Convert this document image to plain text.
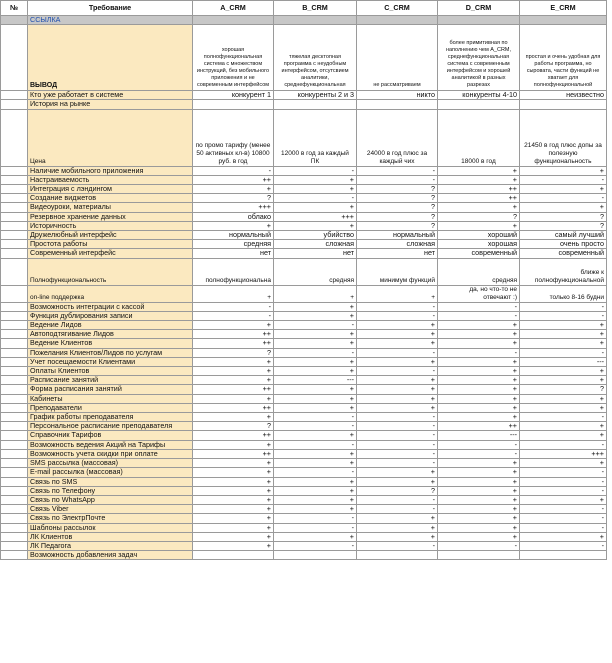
№	Требование	A_CRM	B_CRM	C_CRM	D_CRM	E_CRM
	ССЫЛКА					
	ВЫВОД	хорошая полнофункциональная система с множеством инструкций, без мобильного приложения и не современным интерфейсом	тяжелая десктопная программа с неудобным интерфейсом, отсутсвием аналитики, среднефункциональная	не рассматриваем	более примитивная по наполнению чем A_CRM, среднефункциональная система с современным интерфейсом и хорошей аналитикой в разных разрезах	простая и очень удобная для работы программа, но сыровата, части функций не хватает для полнофункциональной
	Кто уже работает в системе	конкурент 1	конкуренты 2 и 3	никто	конкуренты 4-10	неизвестно
	История на рынке					
	Цена	по промо тарифу (менее 50 активных кл-в) 10800 руб. в год	12000 в год за каждый ПК	24000 в год плюс за каждый чих	18000 в год	21450 в год плюс допы за полезную функциональность
	Наличие мобильного приложения	-	-	-	+	+
	Настраиваемость	++	+	-	+	-
	Интеграция с лэндингом	+	+	?	++	+
	Создание виджетов	?	-	?	++	-
	Видеоуроки, материалы	+++	+	?	+	+
	Резервное хранение данных	облако	+++	?	?	?
	Историчность	+	+	?	+	?
	Дружелюбный интерфейс	нормальный	убийство	нормальный	хороший	самый лучший
	Простота работы	средняя	сложная	сложная	хорошая	очень просто
	Современный интерфейс	нет	нет	нет	современный	современный
	Полнофункциональность	полнофункциональна	средняя	минимум функций	средняя	ближе к полнофункциональной
	on-line поддержка	+	+	+	да, но что-то не отвечают :)	только 8-16 будни
	Возможность интеграции с кассой	-	+	-	-	-
	Функция дублирования записи	-	+	-	-	-
	Ведение Лидов	+	-	+	+	+
	Автоподтягивание Лидов	++	+	+	+	+
	Ведение Клиентов	++	+	+	+	+
	Пожелания Клиентов/Лидов по услугам	?	-	-	-	-
	Учет посещаемости Клиентами	+	+	+	+	---
	Оплаты Клиентов	+	+	-	+	+
	Расписание занятий	+	---	+	+	+
	Форма расписания занятий	++	+	+	+	?
	Кабинеты	+	+	+	+	+
	Преподаватели	++	+	+	+	+
	График работы преподавателя	+	-	-	+	-
	Персональное расписание преподавателя	?	-	-	++	+
	Справочник Тарифов	++	+	-	---	+
	Возможность ведения Акций на Тарифы	+	-	-	-	-
	Возможность учета скидки при оплате	++	+	-	-	+++
	SMS рассылка (массовая)	+	+	-	+	+
	E-mail рассылка (массовая)	+	-	+	+	-
	Связь по SMS	+	+	+	+	-
	Связь по Телефону	+	+	?	+	-
	Связь по WhatsApp	+	+	-	+	+
	Связь Viber	+	+	-	+	-
	Связь по ЭлектрПочте	+	-	+	+	-
	Шаблоны рассылок	+	-	+	+	-
	ЛК Клиентов	+	+	+	+	+
	ЛК Педагога	+	-	-	-	-
	Возможность добавления задач					
